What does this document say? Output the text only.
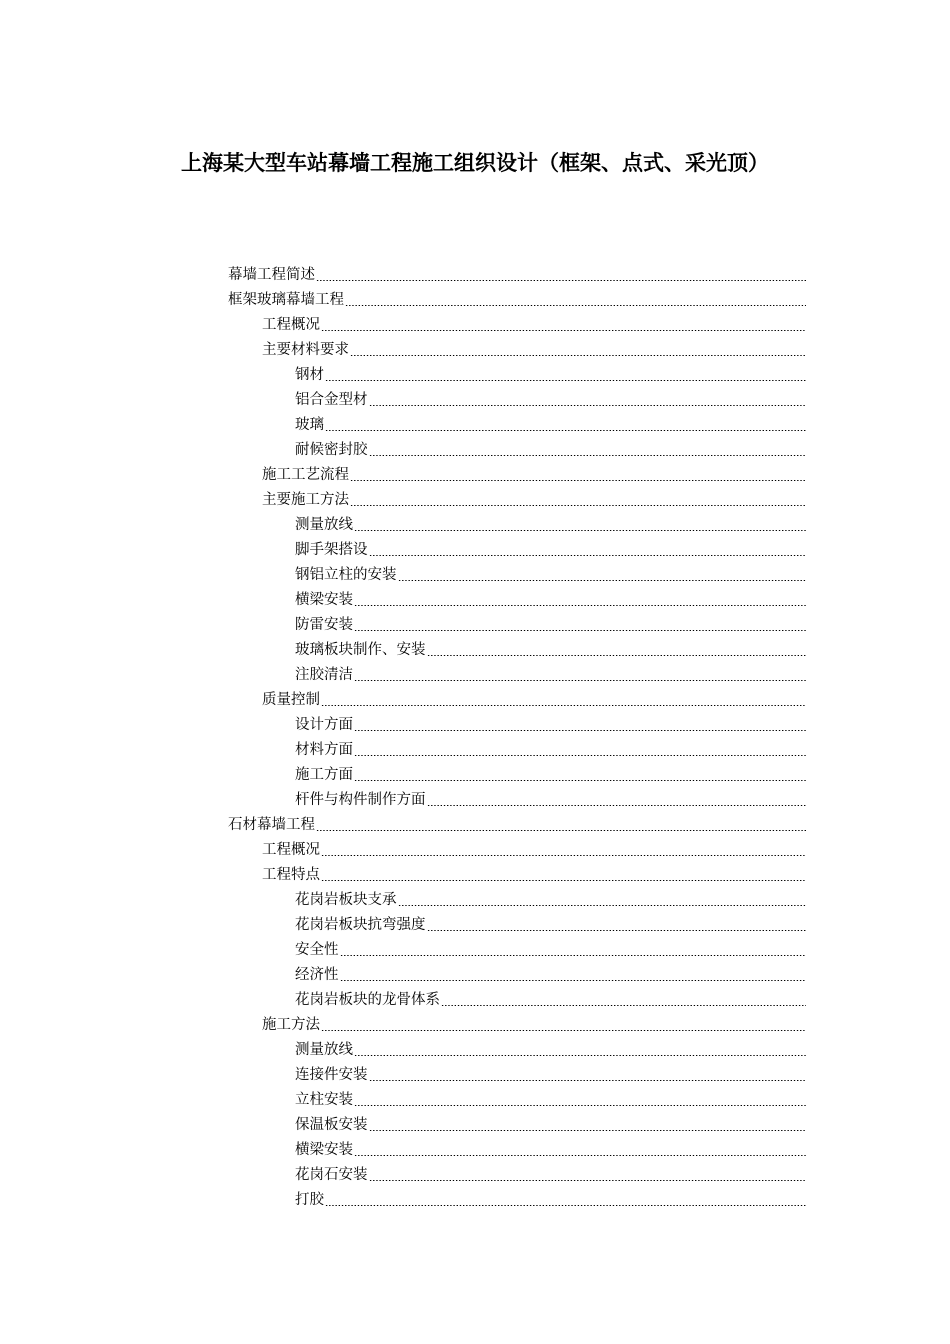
上海某大型车站幕墙工程施工组织设计（框架、点式、采光顶）
幕墙工程简述
框架玻璃幕墙工程
工程概况
主要材料要求
钢材
铝合金型材
玻璃
耐候密封胶
施工工艺流程
主要施工方法
测量放线
脚手架搭设
钢铝立柱的安装
横梁安装
防雷安装
玻璃板块制作、安装
注胶清洁
质量控制
设计方面
材料方面
施工方面
杆件与构件制作方面
石材幕墙工程
工程概况
工程特点
花岗岩板块支承
花岗岩板块抗弯强度
安全性
经济性
花岗岩板块的龙骨体系
施工方法
测量放线
连接件安装
立柱安装
保温板安装
横梁安装
花岗石安装
打胶
